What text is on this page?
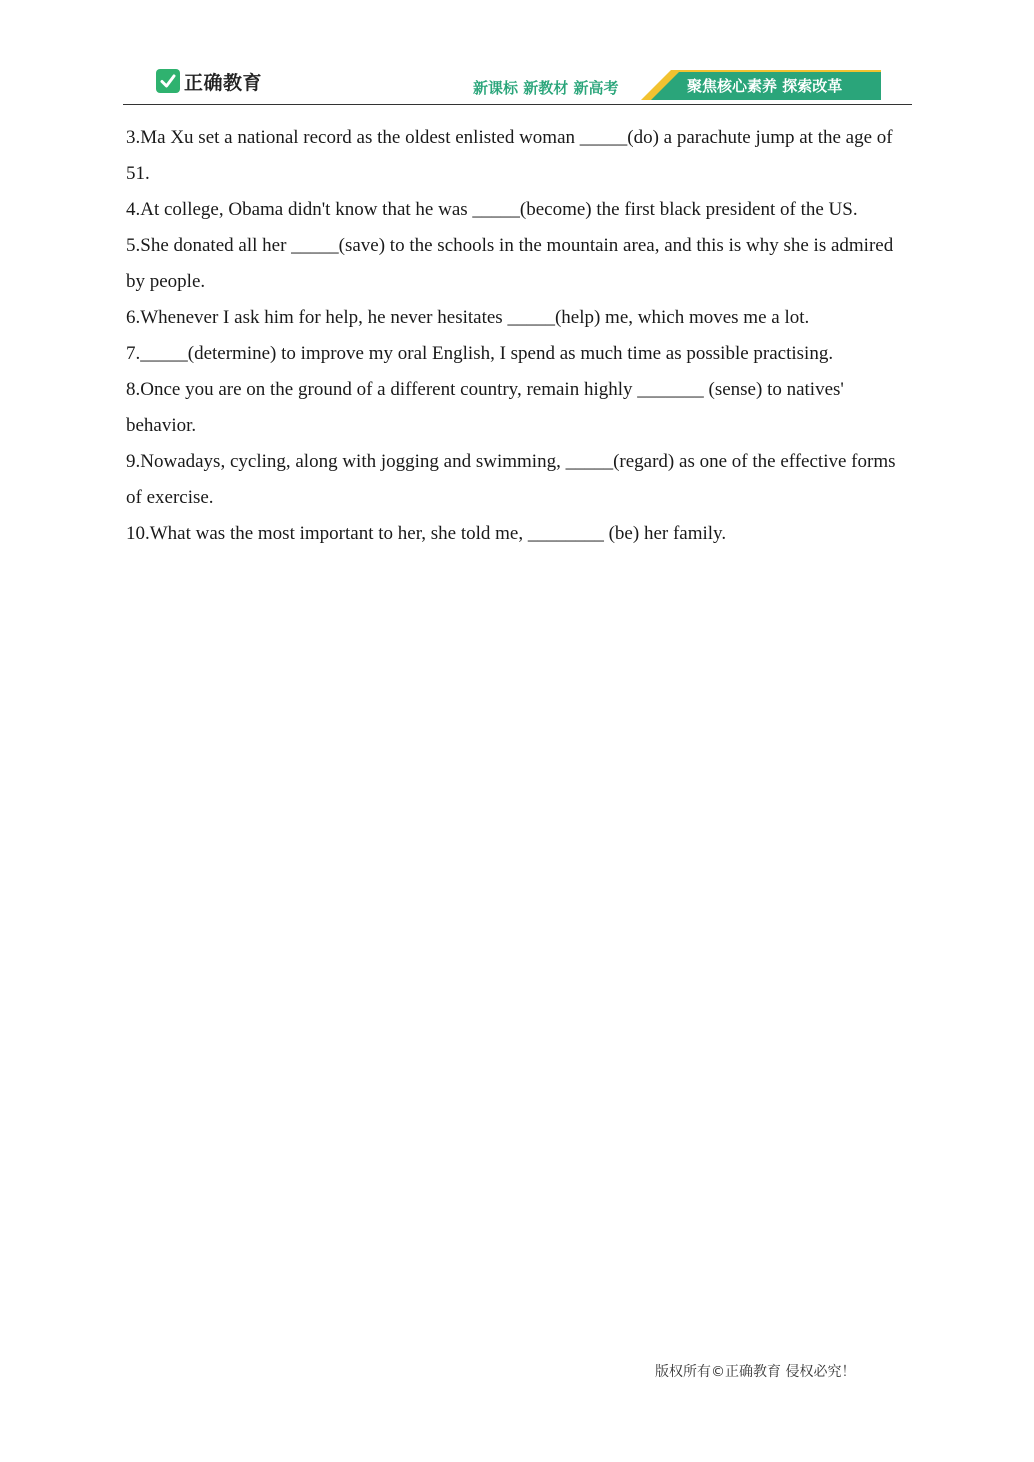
正确教育	新课标 新教材 新高考	聚焦核心素养 探索改革

3.Ma Xu set a national record as the oldest enlisted woman _____(do) a parachute jump at the age of 51.

4.At college, Obama didn't know that he was _____(become) the first black president of the US.

5.She donated all her _____(save) to the schools in the mountain area, and this is why she is admired by people.

6.Whenever I ask him for help, he never hesitates _____(help) me, which moves me a lot.

7._____(determine) to improve my oral English, I spend as much time as possible practising.

8.Once you are on the ground of a different country, remain highly _______ (sense) to natives' behavior.

9.Nowadays, cycling, along with jogging and swimming, _____(regard) as one of the effective forms of exercise.

10.What was the most important to her, she told me, ________ (be) her family.

版权所有©正确教育 侵权必究！
